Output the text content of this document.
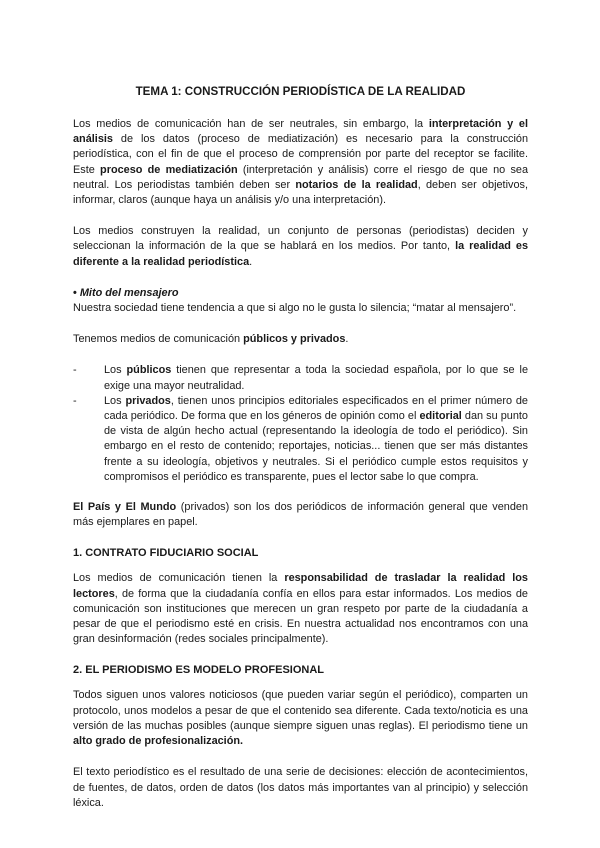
TEMA 1: CONSTRUCCIÓN PERIODÍSTICA DE LA REALIDAD

Los medios de comunicación han de ser neutrales, sin embargo, la interpretación y el análisis de los datos (proceso de mediatización) es necesario para la construcción periodística, con el fin de que el proceso de comprensión por parte del receptor se facilite. Este proceso de mediatización (interpretación y análisis) corre el riesgo de que no sea neutral. Los periodistas también deben ser notarios de la realidad, deben ser objetivos, informar, claros (aunque haya un análisis y/o una interpretación).

Los medios construyen la realidad, un conjunto de personas (periodistas) deciden y seleccionan la información de la que se hablará en los medios. Por tanto, la realidad es diferente a la realidad periodística.

• Mito del mensajero

Nuestra sociedad tiene tendencia a que si algo no le gusta lo silencia; “matar al mensajero”.

Tenemos medios de comunicación públicos y privados.

-	Los públicos tienen que representar a toda la sociedad española, por lo que se le exige una mayor neutralidad.
-	Los privados, tienen unos principios editoriales especificados en el primer número de cada periódico. De forma que en los géneros de opinión como el editorial dan su punto de vista de algún hecho actual (representando la ideología de todo el periódico). Sin embargo en el resto de contenido; reportajes, noticias... tienen que ser más distantes frente a su ideología, objetivos y neutrales. Si el periódico cumple estos requisitos y compromisos el periódico es transparente, pues el lector sabe lo que compra.

El País y El Mundo (privados) son los dos periódicos de información general que venden más ejemplares en papel.

1. CONTRATO FIDUCIARIO SOCIAL

Los medios de comunicación tienen la responsabilidad de trasladar la realidad los lectores, de forma que la ciudadanía confía en ellos para estar informados. Los medios de comunicación son instituciones que merecen un gran respeto por parte de la ciudadanía a pesar de que el periodismo esté en crisis. En nuestra actualidad nos encontramos con una gran desinformación (redes sociales principalmente).

2. EL PERIODISMO ES MODELO PROFESIONAL

Todos siguen unos valores noticiosos (que pueden variar según el periódico), comparten un protocolo, unos modelos a pesar de que el contenido sea diferente. Cada texto/noticia es una versión de las muchas posibles (aunque siempre siguen unas reglas). El periodismo tiene un alto grado de profesionalización.

El texto periodístico es el resultado de una serie de decisiones: elección de acontecimientos, de fuentes, de datos, orden de datos (los datos más importantes van al principio) y selección léxica.
